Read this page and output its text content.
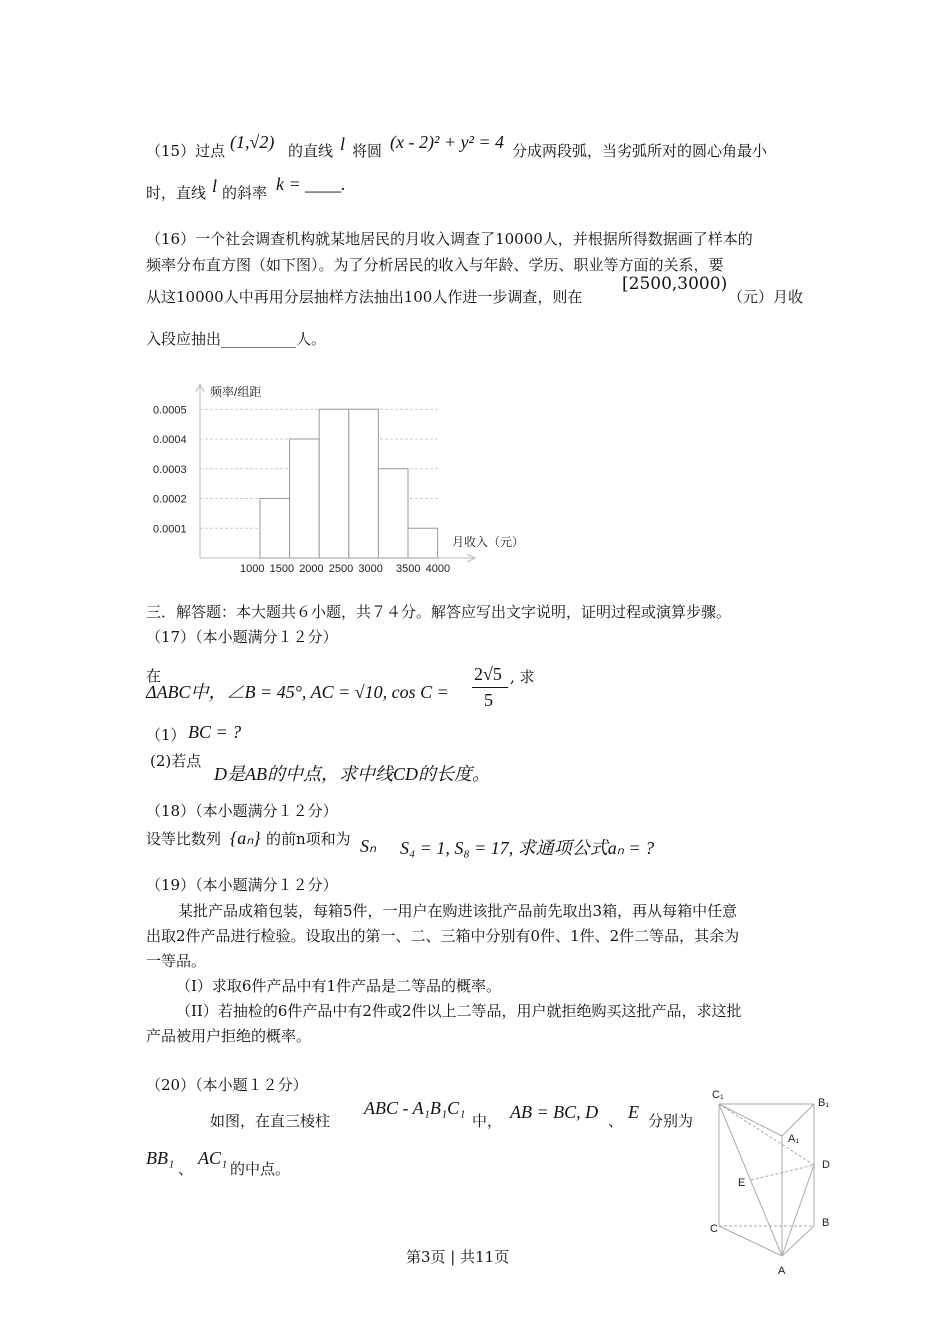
（15）过点 (1,√2) 的直线 l 将圆 (x - 2)² + y² = 4 分成两段弧，当劣弧所对的圆心角最小
时，直线 l 的斜率 k = ____.
（16）一个社会调查机构就某地居民的月收入调查了10000人，并根据所得数据画了样本的
频率分布直方图（如下图）。为了分析居民的收入与年龄、学历、职业等方面的关系，要
从这10000人中再用分层抽样方法抽出100人作进一步调查，则在
[2500,3000)
（元）月收
入段应抽出__________人。
0.0001
0.0002
0.0003
0.0004
0.0005
1000 1500 2000 2500 3000 3500 4000
频率/组距
月收入（元）
三．解答题：本大题共６小题，共７４分。解答应写出文字说明，证明过程或演算步骤。
（17）（本小题满分１２分）
在
ΔABC中，∠B = 45°, AC = √10, cos C =
2√5
5
, 求
（1） BC = ?
(2)若点
D是AB的中点，求中线CD的长度。
（18）（本小题满分１２分）
设等比数列 {aₙ} 的前n项和为 Sₙ S₄ = 1, S₈ = 17, 求通项公式aₙ = ?
（19）（本小题满分１２分）
某批产品成箱包装，每箱5件，一用户在购进该批产品前先取出3箱，再从每箱中任意
出取2件产品进行检验。设取出的第一、二、三箱中分别有0件、1件、2件二等品，其余为
一等品。
（I）求取6件产品中有1件产品是二等品的概率。
（II）若抽检的6件产品中有2件或2件以上二等品，用户就拒绝购买这批产品，求这批
产品被用户拒绝的概率。
（20）（本小题１２分）
如图，在直三棱柱
ABC - A₁B₁C₁
中， AB = BC, D 、 E 分别为
BB₁
、
AC₁
的中点。
C₁
B₁
A₁
D
E
C	B
A
第3页 | 共11页
